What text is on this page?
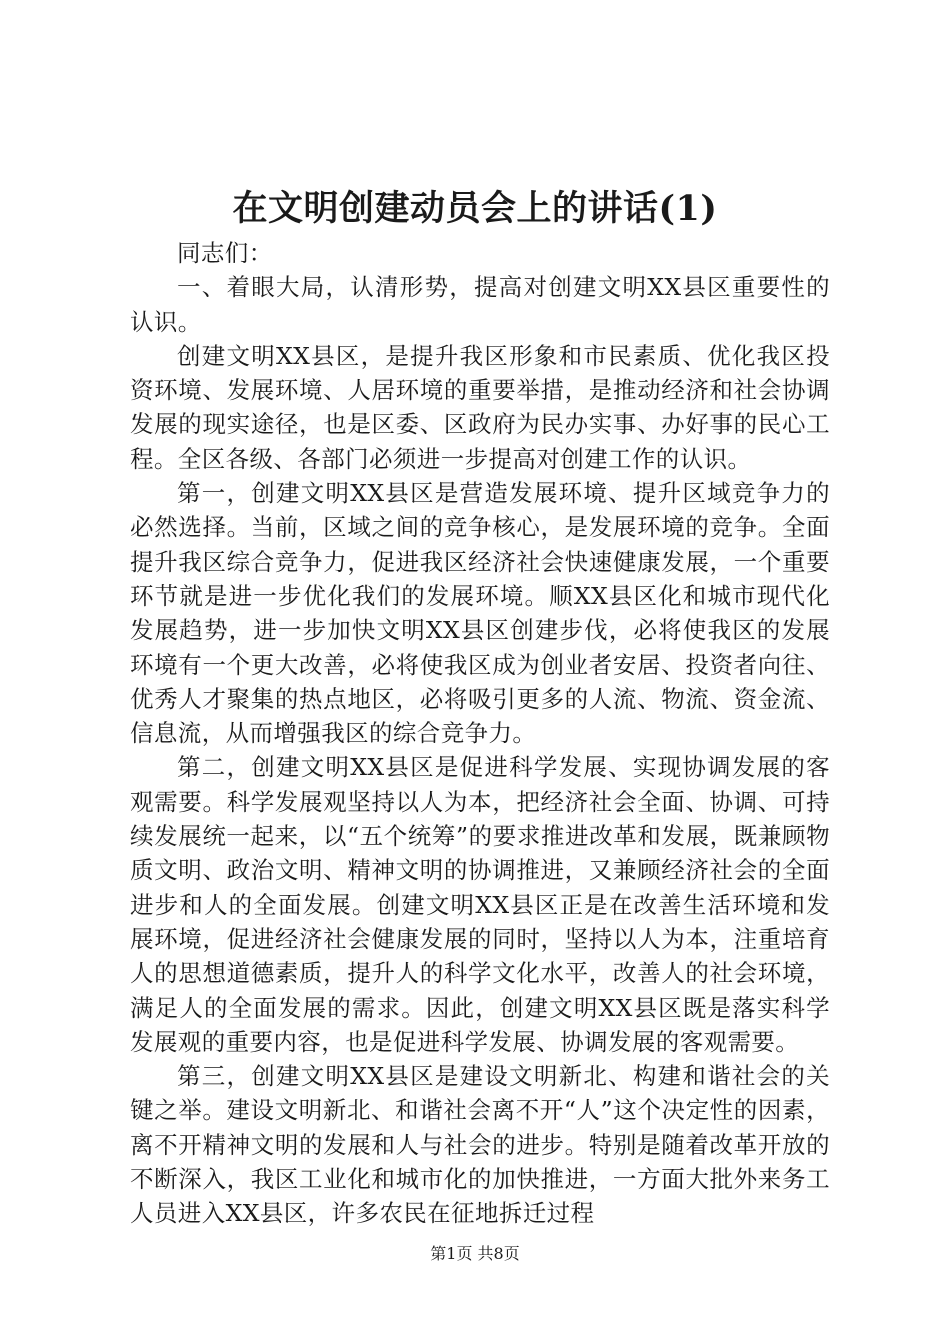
在文明创建动员会上的讲话(1)

同志们：

一、着眼大局，认清形势，提高对创建文明XX县区重要性的认识。

创建文明XX县区，是提升我区形象和市民素质、优化我区投资环境、发展环境、人居环境的重要举措，是推动经济和社会协调发展的现实途径，也是区委、区政府为民办实事、办好事的民心工程。全区各级、各部门必须进一步提高对创建工作的认识。

第一，创建文明XX县区是营造发展环境、提升区域竞争力的必然选择。当前，区域之间的竞争核心，是发展环境的竞争。全面提升我区综合竞争力，促进我区经济社会快速健康发展，一个重要环节就是进一步优化我们的发展环境。顺XX县区化和城市现代化发展趋势，进一步加快文明XX县区创建步伐，必将使我区的发展环境有一个更大改善，必将使我区成为创业者安居、投资者向往、优秀人才聚集的热点地区，必将吸引更多的人流、物流、资金流、信息流，从而增强我区的综合竞争力。

第二，创建文明XX县区是促进科学发展、实现协调发展的客观需要。科学发展观坚持以人为本，把经济社会全面、协调、可持续发展统一起来，以“五个统筹”的要求推进改革和发展，既兼顾物质文明、政治文明、精神文明的协调推进，又兼顾经济社会的全面进步和人的全面发展。创建文明XX县区正是在改善生活环境和发展环境，促进经济社会健康发展的同时，坚持以人为本，注重培育人的思想道德素质，提升人的科学文化水平，改善人的社会环境，满足人的全面发展的需求。因此，创建文明XX县区既是落实科学发展观的重要内容，也是促进科学发展、协调发展的客观需要。

第三，创建文明XX县区是建设文明新北、构建和谐社会的关键之举。建设文明新北、和谐社会离不开“人”这个决定性的因素，离不开精神文明的发展和人与社会的进步。特别是随着改革开放的不断深入，我区工业化和城市化的加快推进，一方面大批外来务工人员进入XX县区，许多农民在征地拆迁过程

第1页 共8页
